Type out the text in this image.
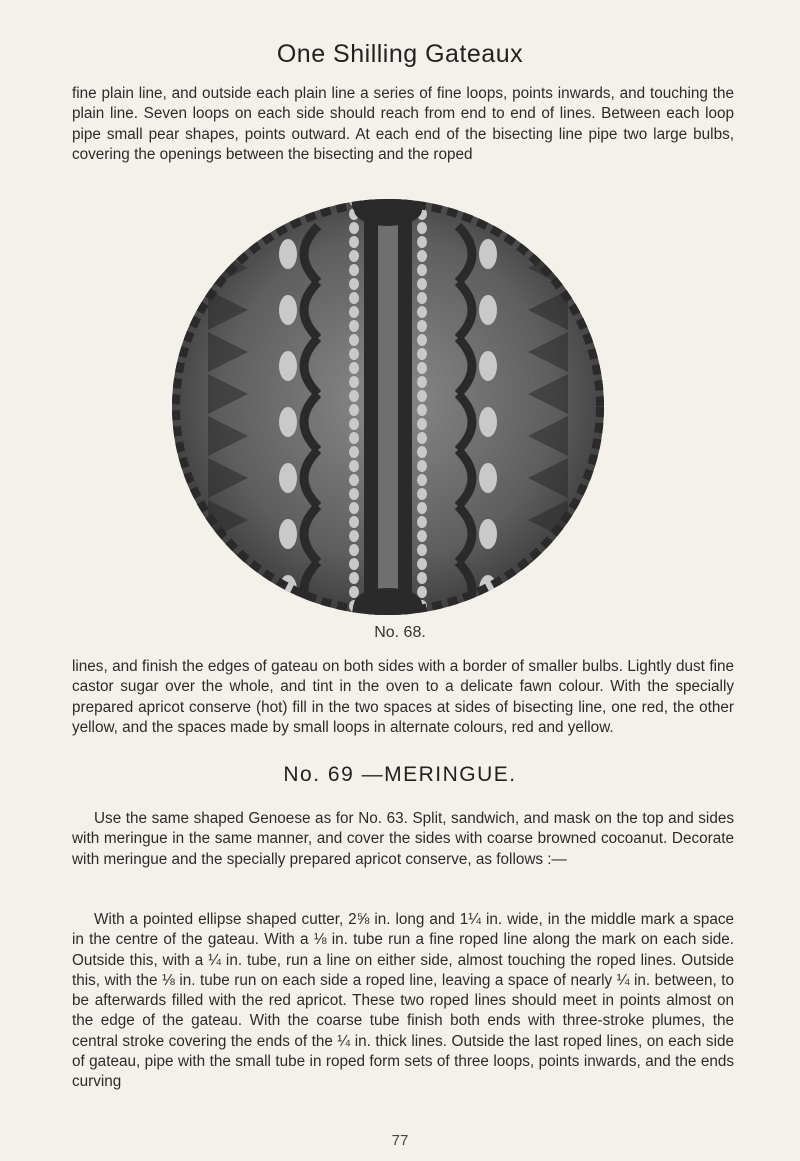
One Shilling Gateaux

fine plain line, and outside each plain line a series of fine loops, points inwards, and touching the plain line. Seven loops on each side should reach from end to end of lines. Between each loop pipe small pear shapes, points outward. At each end of the bisecting line pipe two large bulbs, covering the openings between the bisecting and the roped

No. 68.

lines, and finish the edges of gateau on both sides with a border of smaller bulbs. Lightly dust fine castor sugar over the whole, and tint in the oven to a delicate fawn colour. With the specially prepared apricot conserve (hot) fill in the two spaces at sides of bisecting line, one red, the other yellow, and the spaces made by small loops in alternate colours, red and yellow.

No. 69 —MERINGUE.

Use the same shaped Genoese as for No. 63. Split, sandwich, and mask on the top and sides with meringue in the same manner, and cover the sides with coarse browned cocoanut. Decorate with meringue and the specially prepared apricot conserve, as follows :—

With a pointed ellipse shaped cutter, 2⅝ in. long and 1¼ in. wide, in the middle mark a space in the centre of the gateau. With a ⅛ in. tube run a fine roped line along the mark on each side. Outside this, with a ¼ in. tube, run a line on either side, almost touching the roped lines. Outside this, with the ⅛ in. tube run on each side a roped line, leaving a space of nearly ¼ in. between, to be afterwards filled with the red apricot. These two roped lines should meet in points almost on the edge of the gateau. With the coarse tube finish both ends with three-stroke plumes, the central stroke covering the ends of the ¼ in. thick lines. Outside the last roped lines, on each side of gateau, pipe with the small tube in roped form sets of three loops, points inwards, and the ends curving

77
